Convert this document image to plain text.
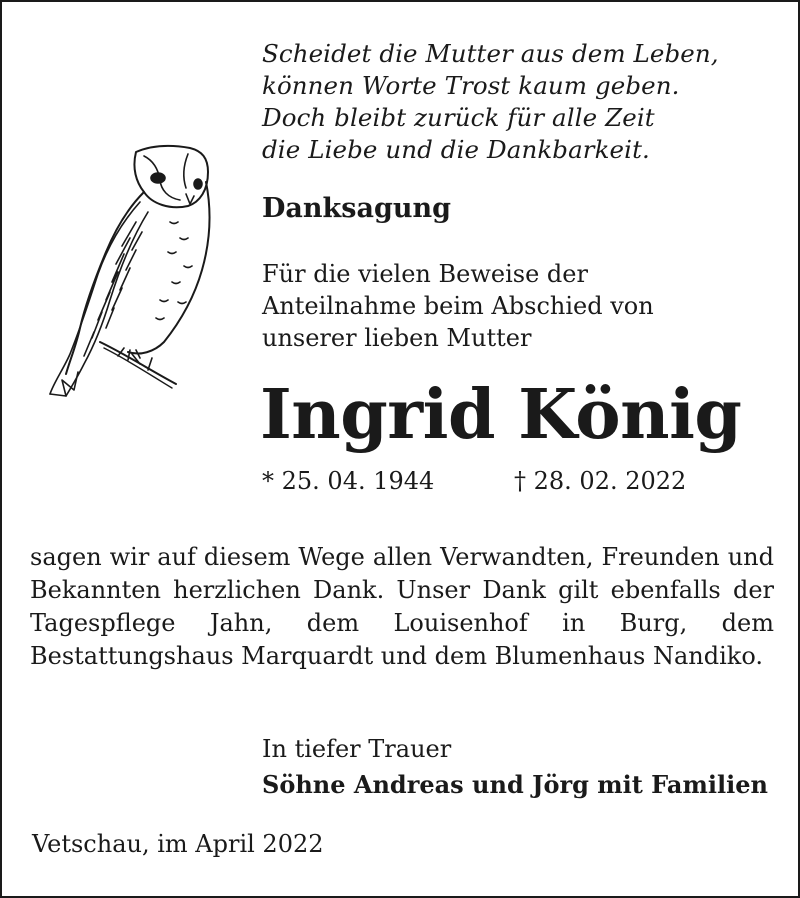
Scheidet die Mutter aus dem Leben,
können Worte Trost kaum geben.
Doch bleibt zurück für alle Zeit
die Liebe und die Dankbarkeit.
Danksagung
Für die vielen Beweise der
Anteilnahme beim Abschied von
unserer lieben Mutter
Ingrid König
* 25. 04. 1944	† 28. 02. 2022
sagen wir auf diesem Wege allen Verwandten, Freunden und Bekannten herzlichen Dank. Unser Dank gilt ebenfalls der Tagespflege Jahn, dem Louisenhof in Burg, dem Bestattungshaus Marquardt und dem Blumenhaus Nandiko.
In tiefer Trauer
Söhne Andreas und Jörg mit Familien
Vetschau, im April 2022
